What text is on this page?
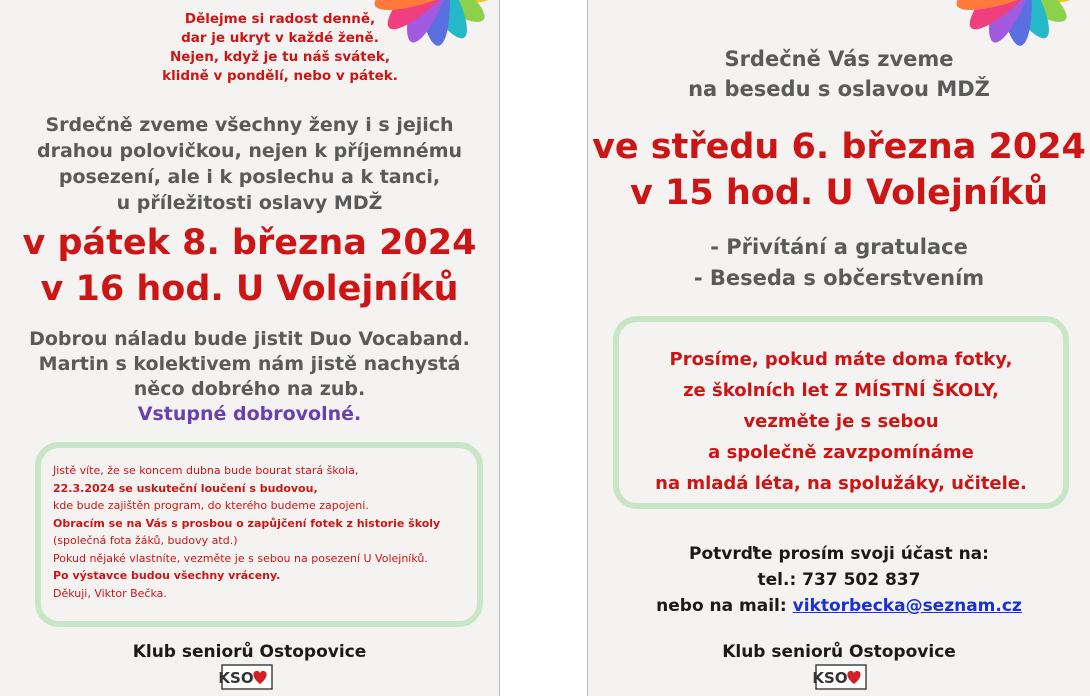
Dělejme si radost denně,
dar je ukryt v každé ženě.
Nejen, když je tu náš svátek,
klidně v pondělí, nebo v pátek.
Srdečně zveme všechny ženy i s jejich
drahou polovičkou, nejen k příjemnému
posezení, ale i k poslechu a k tanci,
u příležitosti oslavy MDŽ
v pátek 8. března 2024
v 16 hod. U Volejníků
Dobrou náladu bude jistit Duo Vocaband.
Martin s kolektivem nám jistě nachystá
něco dobrého na zub.
Vstupné dobrovolné.
Jistě víte, že se koncem dubna bude bourat stará škola,
22.3.2024 se uskuteční loučení s budovou,
kde bude zajištěn program, do kterého budeme zapojeni.
Obracím se na Vás s prosbou o zapůjčení fotek z historie školy
(společná fota žáků, budovy atd.)
Pokud nějaké vlastníte, vezměte je s sebou na posezení U Volejníků.
Po výstavce budou všechny vráceny.
Děkuji, Viktor Bečka.
Klub seniorů Ostopovice
KSO
Srdečně Vás zveme
na besedu s oslavou MDŽ
ve středu 6. března 2024
v 15 hod. U Volejníků
- Přivítání a gratulace
- Beseda s občerstvením
Prosíme, pokud máte doma fotky,
ze školních let Z MÍSTNÍ ŠKOLY,
vezměte je s sebou
a společně zavzpomínáme
na mladá léta, na spolužáky, učitele.
Potvrďte prosím svoji účast na:
tel.: 737 502 837
nebo na mail: viktorbecka@seznam.cz
Klub seniorů Ostopovice
KSO
